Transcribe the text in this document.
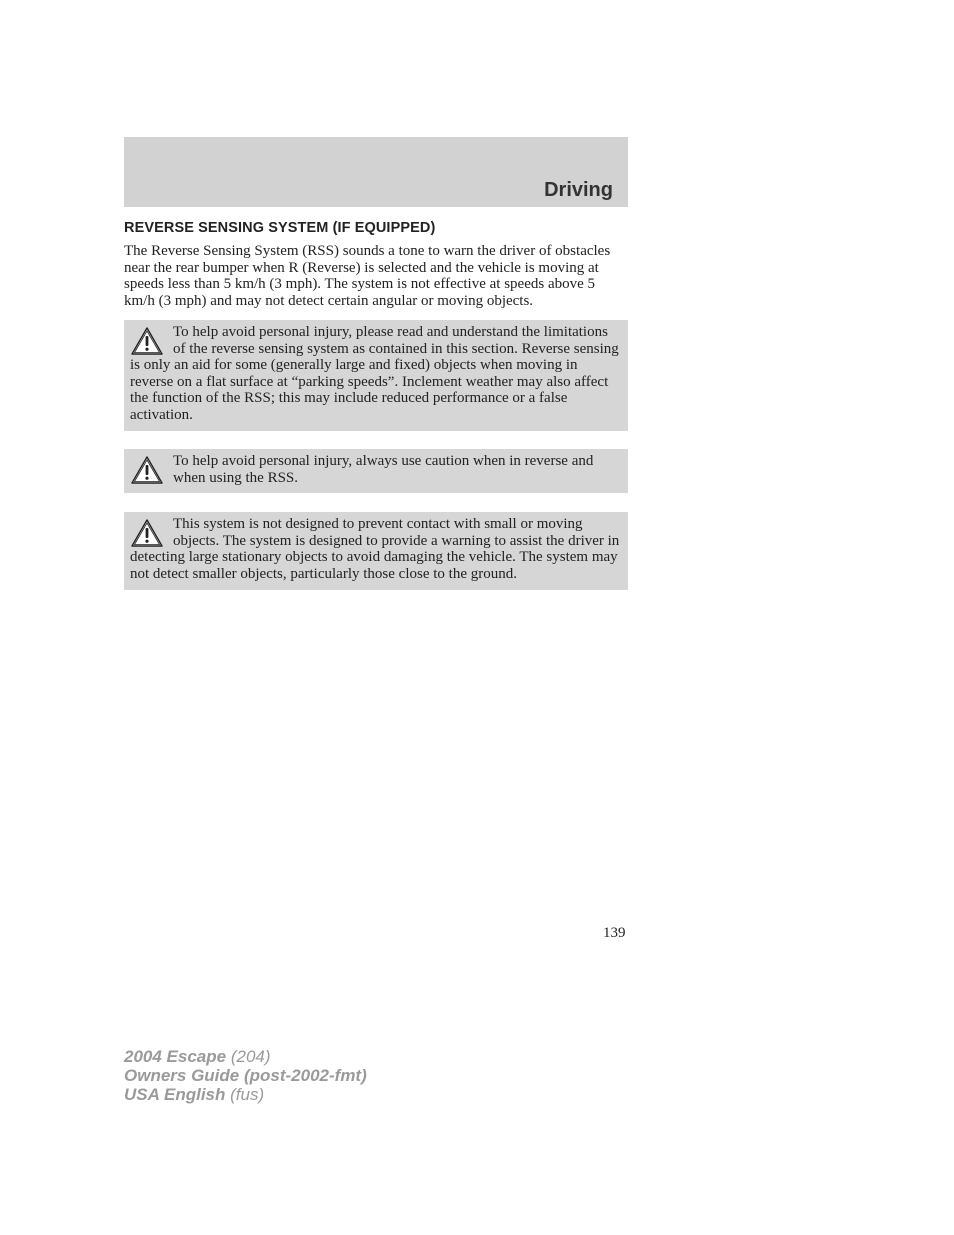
Driving
REVERSE SENSING SYSTEM (IF EQUIPPED)

The Reverse Sensing System (RSS) sounds a tone to warn the driver of obstacles near the rear bumper when R (Reverse) is selected and the vehicle is moving at speeds less than 5 km/h (3 mph). The system is not effective at speeds above 5 km/h (3 mph) and may not detect certain angular or moving objects.

To help avoid personal injury, please read and understand the limitations of the reverse sensing system as contained in this section. Reverse sensing is only an aid for some (generally large and fixed) objects when moving in reverse on a flat surface at “parking speeds”. Inclement weather may also affect the function of the RSS; this may include reduced performance or a false activation.
To help avoid personal injury, always use caution when in reverse and when using the RSS.
This system is not designed to prevent contact with small or moving objects. The system is designed to provide a warning to assist the driver in detecting large stationary objects to avoid damaging the vehicle. The system may not detect smaller objects, particularly those close to the ground.
139
2004 Escape (204)
Owners Guide (post-2002-fmt)
USA English (fus)
